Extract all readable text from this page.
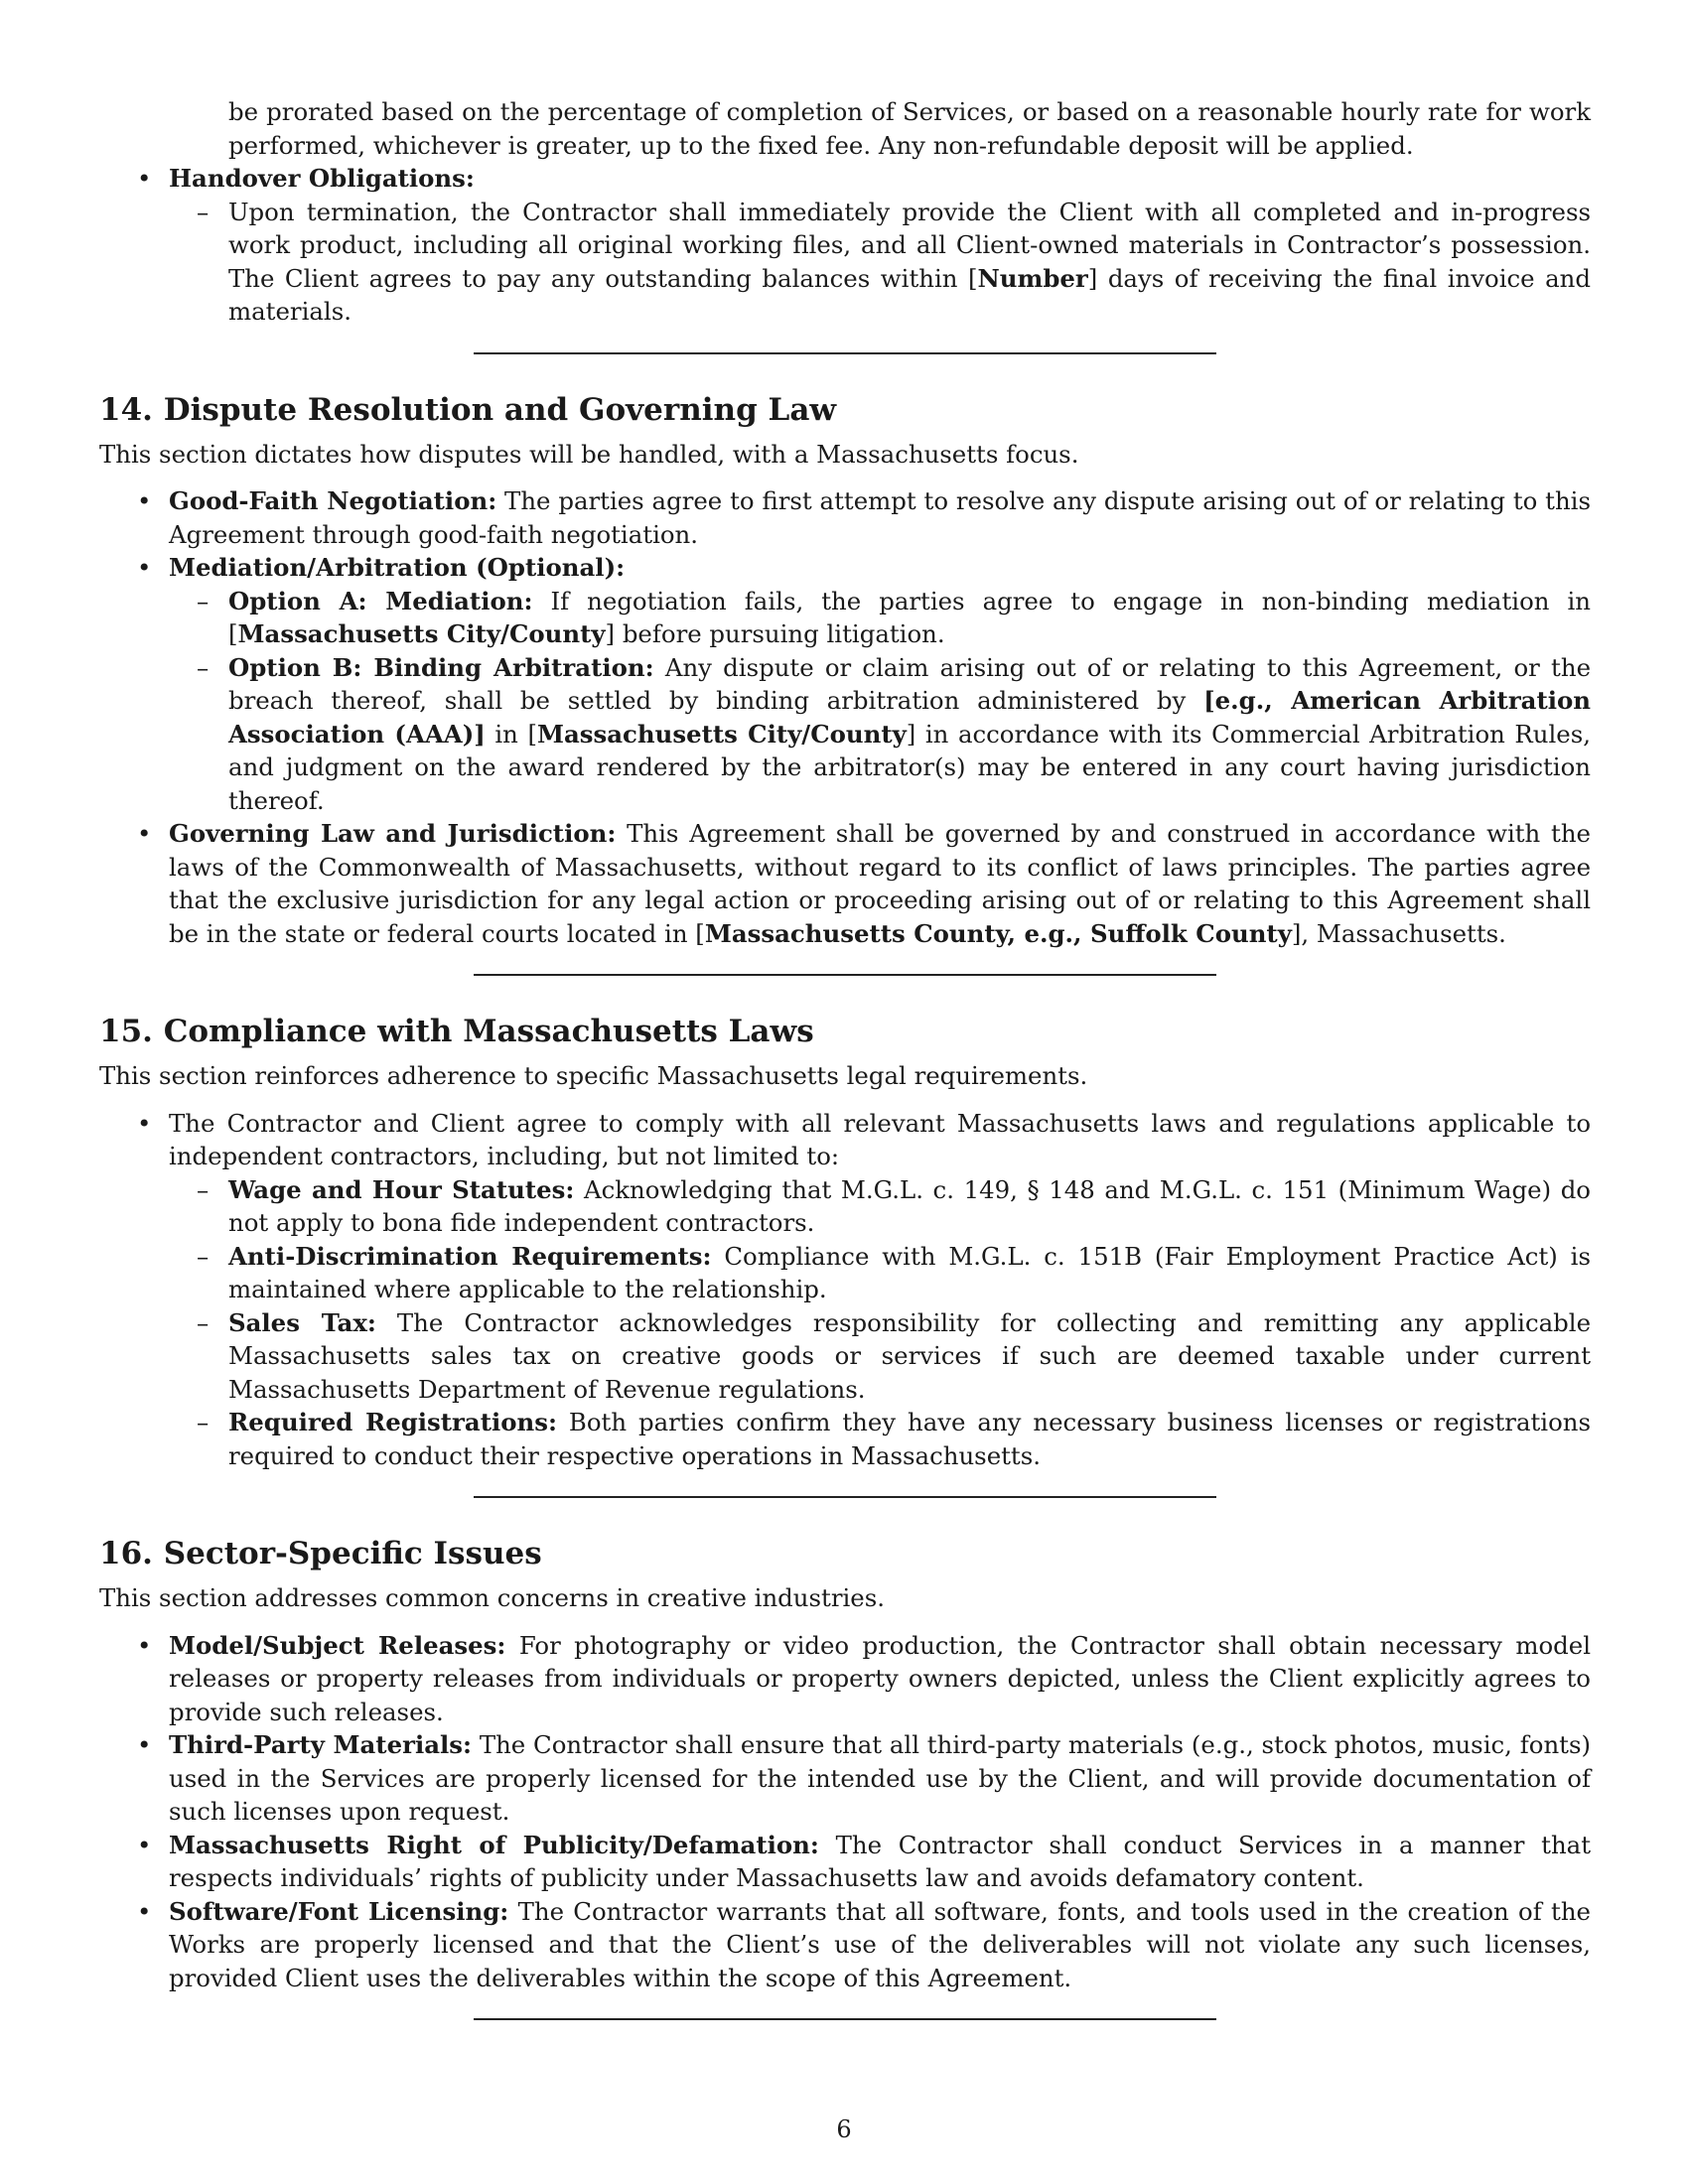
be prorated based on the percentage of completion of Services, or based on a reasonable hourly rate for work performed, whichever is greater, up to the fixed fee. Any non-refundable deposit will be applied.
• Handover Obligations:
– Upon termination, the Contractor shall immediately provide the Client with all completed and in-progress work product, including all original working files, and all Client-owned materials in Contractor’s possession. The Client agrees to pay any outstanding balances within [Number] days of receiving the final invoice and materials.
14. Dispute Resolution and Governing Law
This section dictates how disputes will be handled, with a Massachusetts focus.
• Good-Faith Negotiation: The parties agree to first attempt to resolve any dispute arising out of or relating to this Agreement through good-faith negotiation.
• Mediation/Arbitration (Optional):
– Option A: Mediation: If negotiation fails, the parties agree to engage in non-binding mediation in [Massachusetts City/County] before pursuing litigation.
– Option B: Binding Arbitration: Any dispute or claim arising out of or relating to this Agreement, or the breach thereof, shall be settled by binding arbitration administered by [e.g., American Arbitration Association (AAA)] in [Massachusetts City/County] in accordance with its Commercial Arbitration Rules, and judgment on the award rendered by the arbitrator(s) may be entered in any court having jurisdiction thereof.
• Governing Law and Jurisdiction: This Agreement shall be governed by and construed in accordance with the laws of the Commonwealth of Massachusetts, without regard to its conflict of laws principles. The parties agree that the exclusive jurisdiction for any legal action or proceeding arising out of or relating to this Agreement shall be in the state or federal courts located in [Massachusetts County, e.g., Suffolk County], Massachusetts.
15. Compliance with Massachusetts Laws
This section reinforces adherence to specific Massachusetts legal requirements.
• The Contractor and Client agree to comply with all relevant Massachusetts laws and regulations applicable to independent contractors, including, but not limited to:
– Wage and Hour Statutes: Acknowledging that M.G.L. c. 149, § 148 and M.G.L. c. 151 (Minimum Wage) do not apply to bona fide independent contractors.
– Anti-Discrimination Requirements: Compliance with M.G.L. c. 151B (Fair Employment Practice Act) is maintained where applicable to the relationship.
– Sales Tax: The Contractor acknowledges responsibility for collecting and remitting any applicable Massachusetts sales tax on creative goods or services if such are deemed taxable under current Massachusetts Department of Revenue regulations.
– Required Registrations: Both parties confirm they have any necessary business licenses or registrations required to conduct their respective operations in Massachusetts.
16. Sector-Specific Issues
This section addresses common concerns in creative industries.
• Model/Subject Releases: For photography or video production, the Contractor shall obtain necessary model releases or property releases from individuals or property owners depicted, unless the Client explicitly agrees to provide such releases.
• Third-Party Materials: The Contractor shall ensure that all third-party materials (e.g., stock photos, music, fonts) used in the Services are properly licensed for the intended use by the Client, and will provide documentation of such licenses upon request.
• Massachusetts Right of Publicity/Defamation: The Contractor shall conduct Services in a manner that respects individuals’ rights of publicity under Massachusetts law and avoids defamatory content.
• Software/Font Licensing: The Contractor warrants that all software, fonts, and tools used in the creation of the Works are properly licensed and that the Client’s use of the deliverables will not violate any such licenses, provided Client uses the deliverables within the scope of this Agreement.
6
